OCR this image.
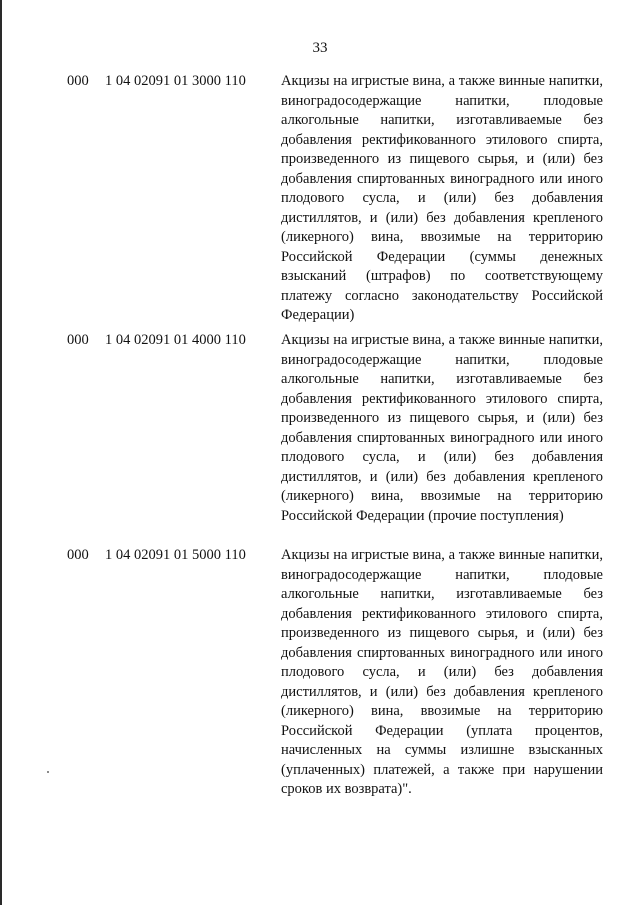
33
000 1 04 02091 01 3000 110 Акцизы на игристые вина, а также винные напитки, виноградосодержащие напитки, плодовые алкогольные напитки, изготавливаемые без добавления ректификованного этилового спирта, произведенного из пищевого сырья, и (или) без добавления спиртованных виноградного или иного плодового сусла, и (или) без добавления дистиллятов, и (или) без добавления крепленого (ликерного) вина, ввозимые на территорию Российской Федерации (суммы денежных взысканий (штрафов) по соответствующему платежу согласно законодательству Российской Федерации)
000 1 04 02091 01 4000 110 Акцизы на игристые вина, а также винные напитки, виноградосодержащие напитки, плодовые алкогольные напитки, изготавливаемые без добавления ректификованного этилового спирта, произведенного из пищевого сырья, и (или) без добавления спиртованных виноградного или иного плодового сусла, и (или) без добавления дистиллятов, и (или) без добавления крепленого (ликерного) вина, ввозимые на территорию Российской Федерации (прочие поступления)
000 1 04 02091 01 5000 110 Акцизы на игристые вина, а также винные напитки, виноградосодержащие напитки, плодовые алкогольные напитки, изготавливаемые без добавления ректификованного этилового спирта, произведенного из пищевого сырья, и (или) без добавления спиртованных виноградного или иного плодового сусла, и (или) без добавления дистиллятов, и (или) без добавления крепленого (ликерного) вина, ввозимые на территорию Российской Федерации (уплата процентов, начисленных на суммы излишне взысканных (уплаченных) платежей, а также при нарушении сроков их возврата)".
